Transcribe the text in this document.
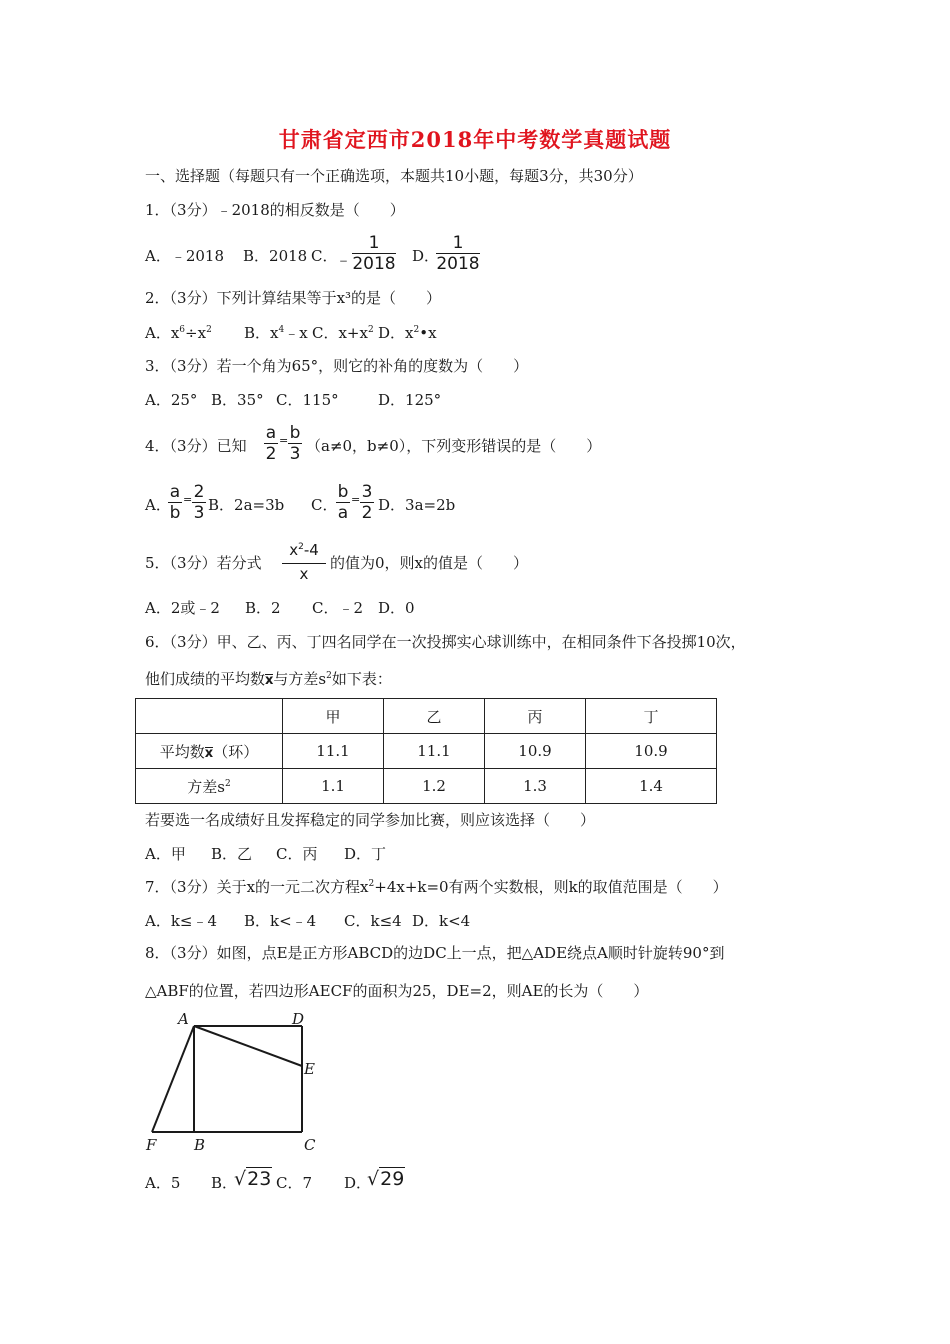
甘肃省定西市2018年中考数学真题试题
一、选择题（每题只有一个正确选项，本题共10小题，每题3分，共30分）
1．（3分）﹣2018的相反数是（　　）
A．﹣2018 B．2018 C．
﹣ $\frac{1}{2018}$ D．
$\frac{1}{2018}$
2．（3分）下列计算结果等于x³的是（　　）
A．$x^6\div x^2$ B．$x^4﹣x$ C．$x+x^2$ D．$x^2•x$
3．（3分）若一个角为65°，则它的补角的度数为（　　）
A．25° B．35° C．115°	D．125°
4．（3分）已知 $\frac{a}{2} = \frac{b}{3} (a\ne 0$，b≠0），下列变形错误的是（　　）
A．
$\frac{a}{b} = \frac{2}{3}$ B．2a=3b C．
$\frac{b}{a} = \frac{3}{2}$ D．3a=2b
5．（3分）若分式 $\frac{x^2-4}{x}$ 的值为0，则x的值是（　　）
A．2或﹣2 B．2 C．﹣2 D．0
6．（3分）甲、乙、丙、丁四名同学在一次投掷实心球训练中，在相同条件下各投掷10次，
他们成绩的平均数x与方差$s^2$如下表：
	甲	乙	丙	丁
平均数x（环）	11.1	11.1	10.9	10.9
方差$s^2$	1.1	1.2	1.3	1.4
若要选一名成绩好且发挥稳定的同学参加比赛，则应该选择（　　）
A．甲 B．乙 C．丙 D．丁
7．（3分）关于x的一元二次方程$x^2+4x+k=0$有两个实数根，则k的取值范围是（　　）
A．k≤﹣4 B．k<﹣4 C．k≤4 D．k<4
8．（3分）如图，点E是正方形ABCD的边DC上一点，把△ADE绕点A顺时针旋转90°到
△ABF的位置，若四边形AECF的面积为25，DE=2，则AE的长为（　　）
A	D
E
F	B	C
A．5 B．
√23 C．7 D．
√29
